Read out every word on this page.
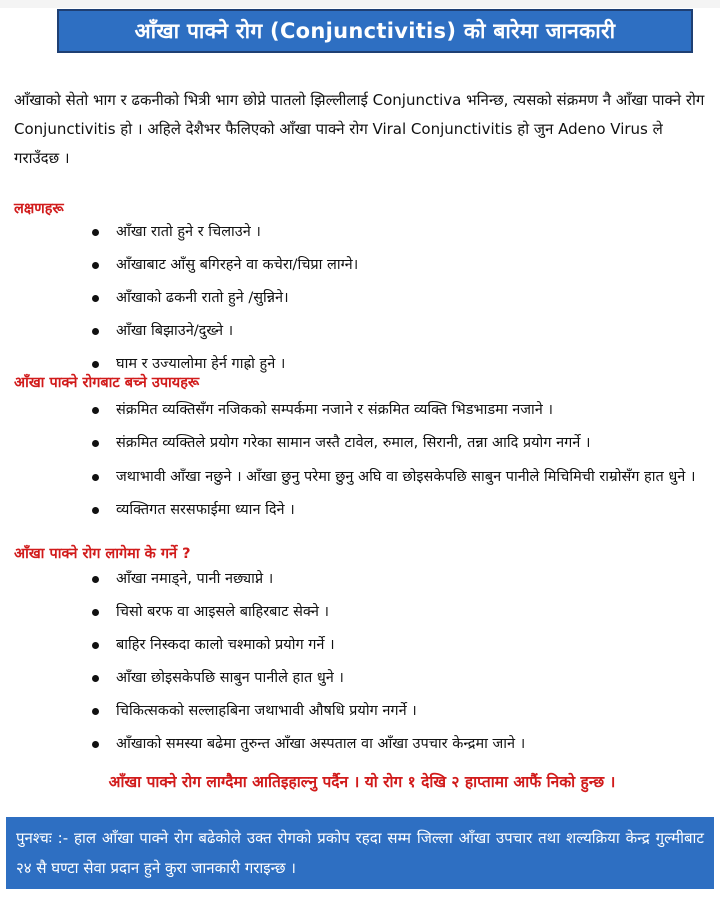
आँखा पाक्ने रोग (Conjunctivitis) को बारेमा जानकारी
आँखाको सेतो भाग र ढकनीको भित्री भाग छोप्ने पातलो झिल्लीलाई Conjunctiva भनिन्छ, त्यसको संक्रमण नै आँखा पाक्ने रोग Conjunctivitis हो । अहिले देशैभर फैलिएको आँखा पाक्ने रोग Viral Conjunctivitis हो जुन Adeno Virus ले गराउँदछ ।
लक्षणहरू
आँखा रातो हुने र चिलाउने ।
आँखाबाट आँसु बगिरहने वा कचेरा/चिप्रा लाग्ने।
आँखाको ढकनी रातो हुने /सुन्निने।
आँखा बिझाउने/दुख्ने ।
घाम र उज्यालोमा हेर्न गाह्रो हुने ।
आँखा पाक्ने रोगबाट बच्ने उपायहरू
संक्रमित व्यक्तिसँग नजिकको सम्पर्कमा नजाने र संक्रमित व्यक्ति भिडभाडमा नजाने ।
संक्रमित व्यक्तिले प्रयोग गरेका सामान जस्तै टावेल, रुमाल, सिरानी, तन्ना आदि प्रयोग नगर्ने ।
जथाभावी आँखा नछुने । आँखा छुनु परेमा छुनु अघि वा छोइसकेपछि साबुन पानीले मिचिमिची राम्रोसँग हात धुने ।
व्यक्तिगत सरसफाईमा ध्यान दिने ।
आँखा पाक्ने रोग लागेमा के गर्ने ?
आँखा नमाड्ने, पानी नछ्याप्ने ।
चिसो बरफ वा आइसले बाहिरबाट सेक्ने ।
बाहिर निस्कदा कालो चश्माको प्रयोग गर्ने ।
आँखा छोइसकेपछि साबुन पानीले हात धुने ।
चिकित्सकको सल्लाहबिना जथाभावी औषधि प्रयोग नगर्ने ।
आँखाको समस्या बढेमा तुरुन्त आँखा अस्पताल वा आँखा उपचार केन्द्रमा जाने ।
आँखा पाक्ने रोग लाग्दैमा आतिइहाल्नु पर्दैन । यो रोग १ देखि २ हाप्तामा आफैं निको हुन्छ ।
पुनश्चः :- हाल आँखा पाक्ने रोग बढेकोले उक्त रोगको प्रकोप रहदा सम्म जिल्ला आँखा उपचार तथा शल्यक्रिया केन्द्र गुल्मीबाट २४ सै घण्टा सेवा प्रदान हुने कुरा जानकारी गराइन्छ ।
